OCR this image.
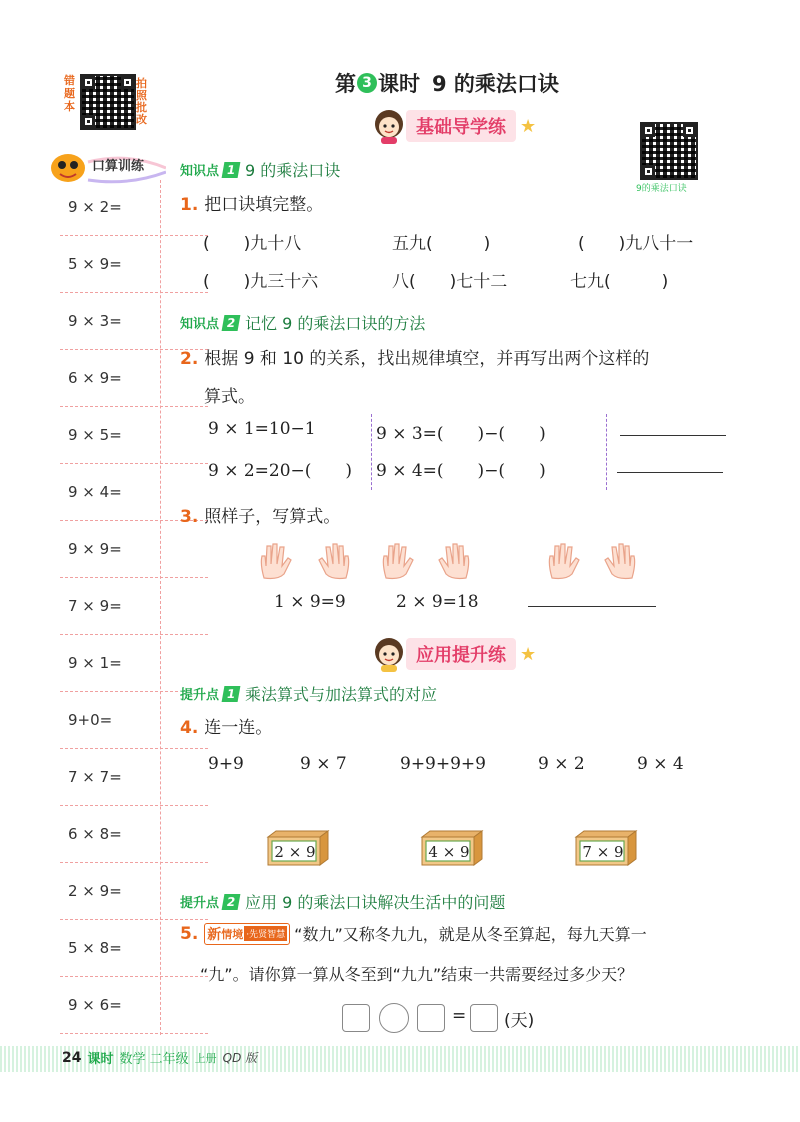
错题本
拍照批改
第 3 课时 9 的乘法口诀
9的乘法口诀
口算训练
9 × 2=
5 × 9=
9 × 3=
6 × 9=
9 × 5=
9 × 4=
9 × 9=
7 × 9=
9 × 1=
9+0=
7 × 7=
6 × 8=
2 × 9=
5 × 8=
9 × 6=
基础导学练 ★
知识点 1 9 的乘法口诀
1. 把口诀填完整。
(　　)九十八	五九(　　　)	(　　)九八十一
(　　)九三十六	八(　　)七十二	七九(　　　)
知识点 2 记忆 9 的乘法口诀的方法
2. 根据 9 和 10 的关系，找出规律填空，并再写出两个这样的
算式。
9 × 1=10−1
9 × 2=20−(　　)
9 × 3=(　　)−(　　)
9 × 4=(　　)−(　　)
3. 照样子，写算式。
1 × 9=9	2 × 9=18
应用提升练 ★
提升点 1 乘法算式与加法算式的对应
4. 连一连。
9+9	9 × 7	9+9+9+9	9 × 2	9 × 4
2 × 9	4 × 9	7 × 9
提升点 2 应用 9 的乘法口诀解决生活中的问题
5. 新 情境 ·先贤智慧 “数九”又称冬九九，就是从冬至算起，每九天算一
“九”。请你算一算从冬至到“九九”结束一共需要经过多少天？
= (天)
24 课时 数学 二年级 上册 QD 版
